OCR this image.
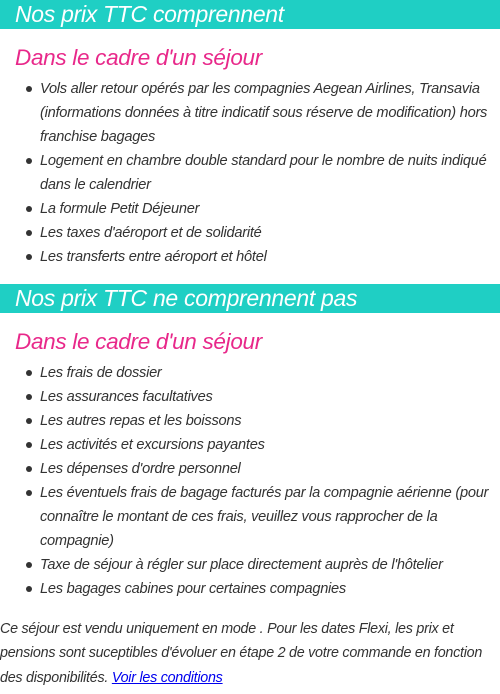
Nos prix TTC comprennent
Dans le cadre d'un séjour
Vols aller retour opérés par les compagnies Aegean Airlines, Transavia (informations données à titre indicatif sous réserve de modification) hors franchise bagages
Logement en chambre double standard pour le nombre de nuits indiqué dans le calendrier
La formule Petit Déjeuner
Les taxes d'aéroport et de solidarité
Les transferts entre aéroport et hôtel
Nos prix TTC ne comprennent pas
Dans le cadre d'un séjour
Les frais de dossier
Les assurances facultatives
Les autres repas et les boissons
Les activités et excursions payantes
Les dépenses d'ordre personnel
Les éventuels frais de bagage facturés par la compagnie aérienne (pour connaître le montant de ces frais, veuillez vous rapprocher de la compagnie)
Taxe de séjour à régler sur place directement auprès de l'hôtelier
Les bagages cabines pour certaines compagnies

Ce séjour est vendu uniquement en mode . Pour les dates Flexi, les prix et pensions sont suceptibles d'évoluer en étape 2 de votre commande en fonction des disponibilités. Voir les conditions
